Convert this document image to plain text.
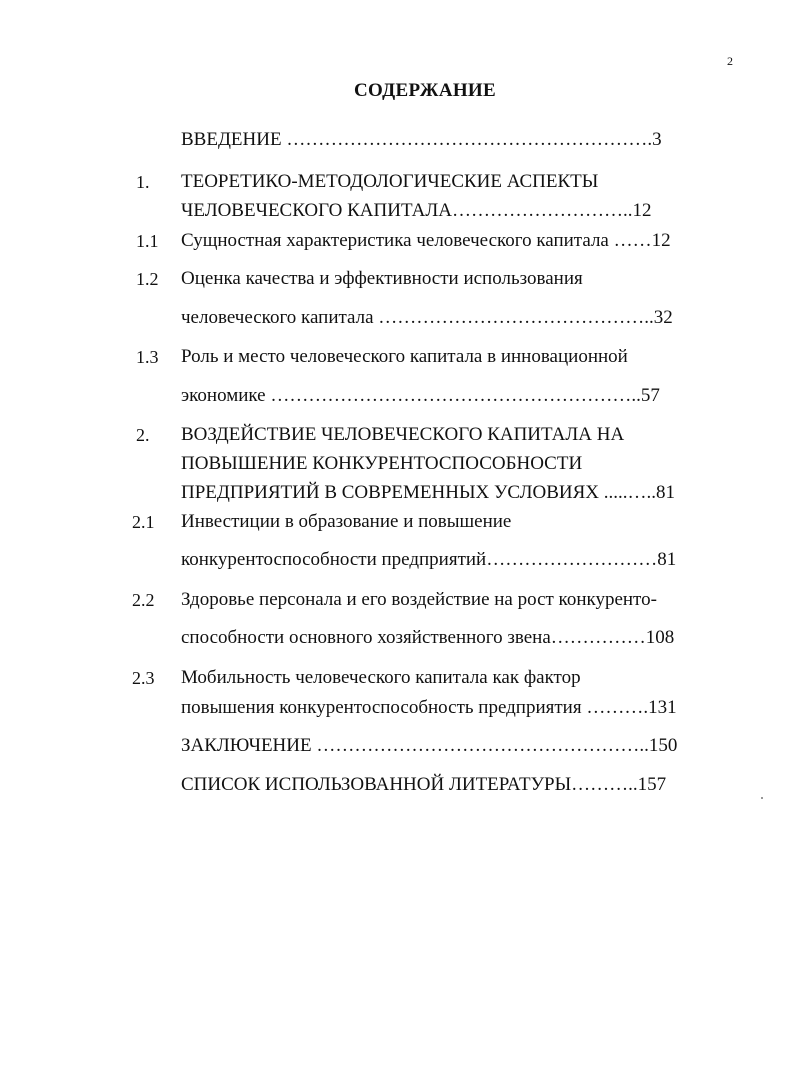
2
СОДЕРЖАНИЕ
ВВЕДЕНИЕ ………………………………………………….3
1. ТЕОРЕТИКО-МЕТОДОЛОГИЧЕСКИЕ АСПЕКТЫ
ЧЕЛОВЕЧЕСКОГО КАПИТАЛА………………………..12
1.1 Сущностная характеристика человеческого капитала ……12
1.2 Оценка качества и эффективности использования
человеческого капитала ……………………………………..32
1.3 Роль и место человеческого капитала в инновационной
экономике …………………………………………………..57
2. ВОЗДЕЙСТВИЕ ЧЕЛОВЕЧЕСКОГО КАПИТАЛА НА
ПОВЫШЕНИЕ КОНКУРЕНТОСПОСОБНОСТИ
ПРЕДПРИЯТИЙ В СОВРЕМЕННЫХ УСЛОВИЯХ .....…..81
2.1 Инвестиции в образование и повышение
конкурентоспособности предприятий………………………81
2.2 Здоровье персонала и его воздействие на рост конкуренто-
способности основного хозяйственного звена……………108
2.3 Мобильность человеческого капитала как фактор
повышения конкурентоспособность предприятия ……….131
ЗАКЛЮЧЕНИЕ ……………………………………………..150
СПИСОК ИСПОЛЬЗОВАННОЙ ЛИТЕРАТУРЫ………..157
